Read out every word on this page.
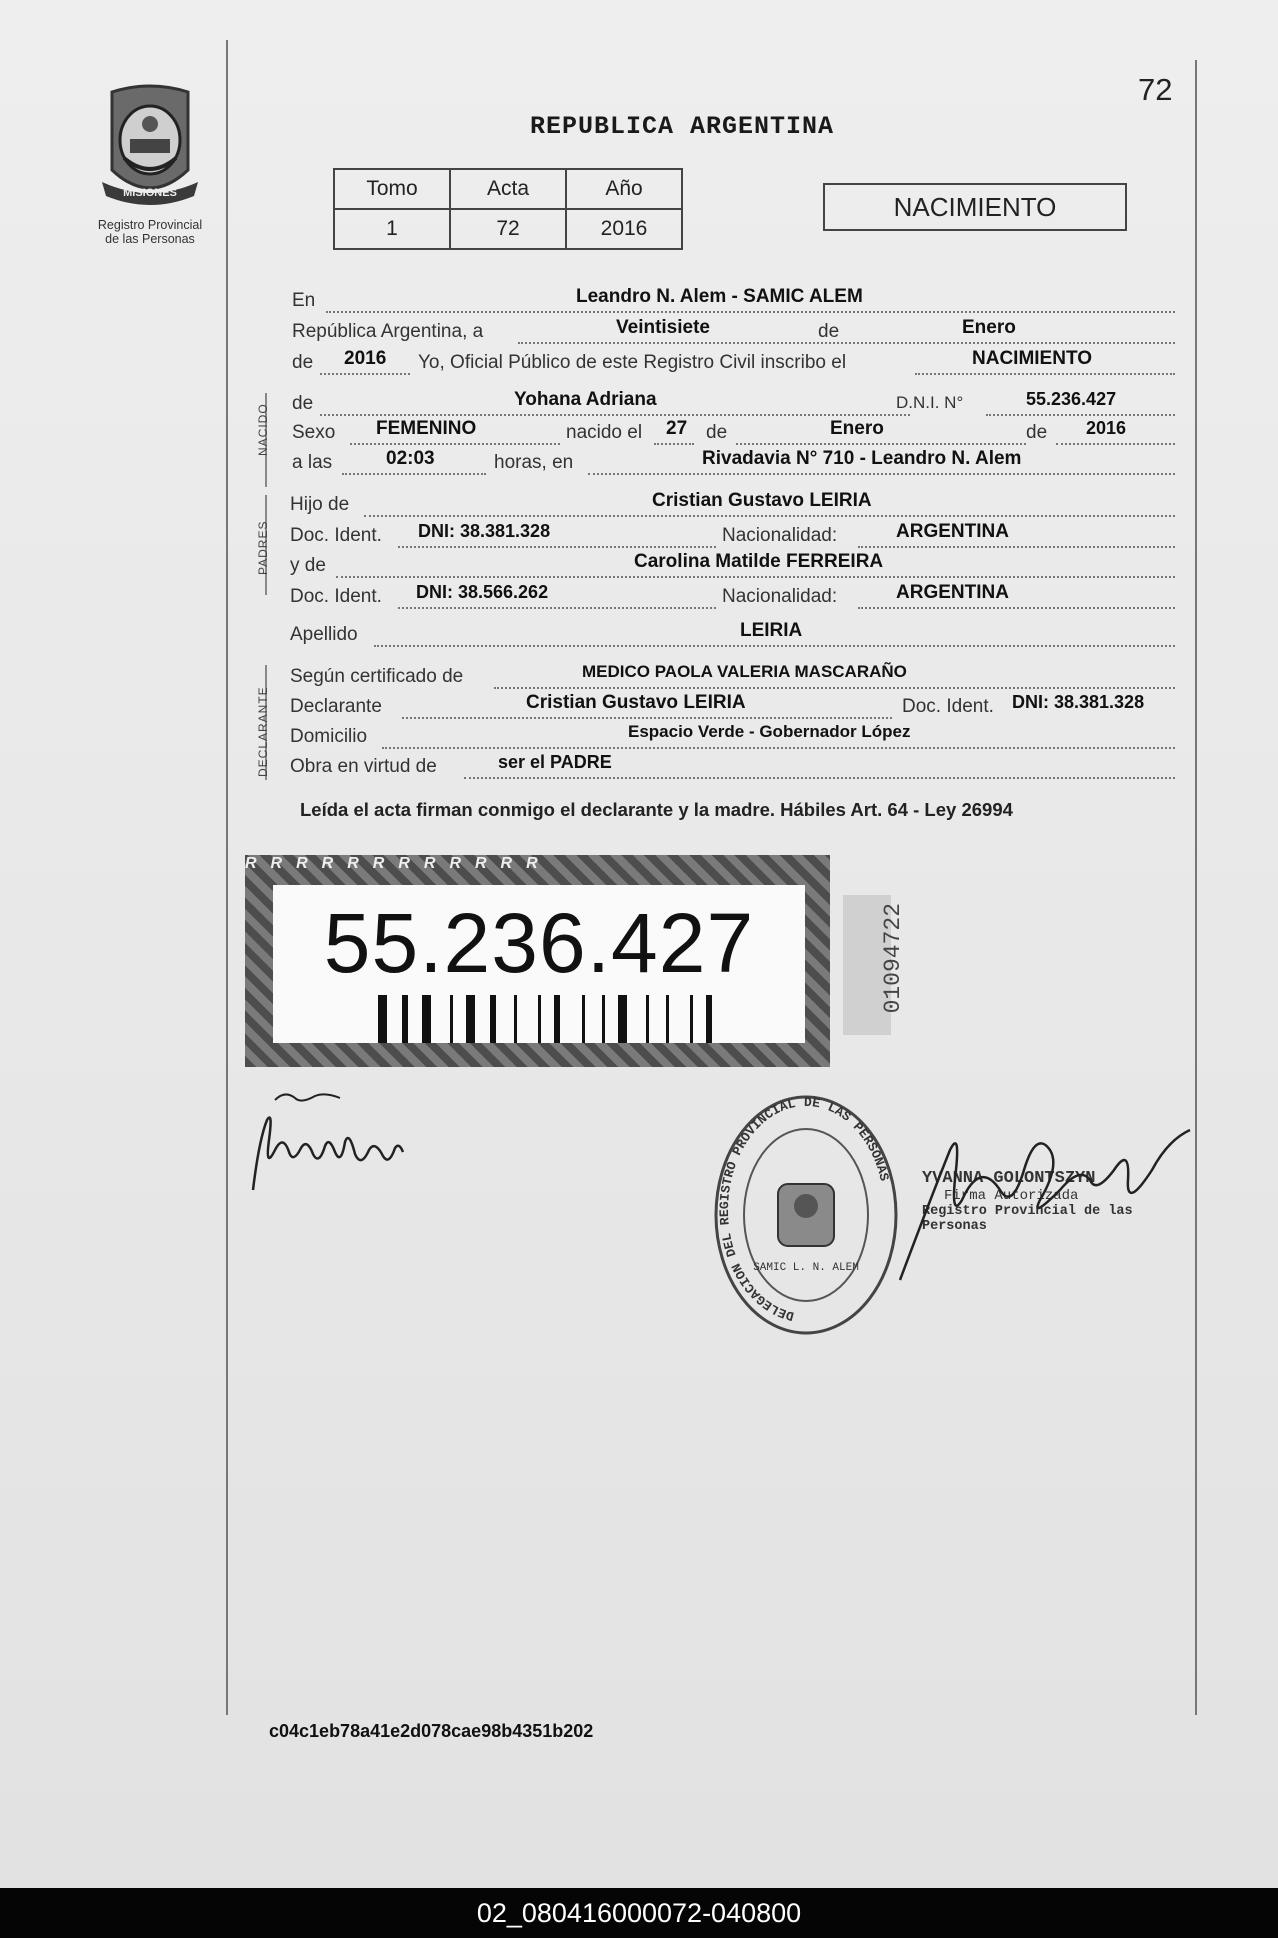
MISIONES
Registro Provincial
de las Personas
72
REPUBLICA ARGENTINA
Tomo	Acta	Año
1	72	2016
NACIMIENTO
NACIDO
PADRES
DECLARANTE
En	Leandro N. Alem - SAMIC ALEM
República Argentina, a	Veintisiete	de	Enero
de 2016 Yo, Oficial Público de este Registro Civil inscribo el	NACIMIENTO
de	Yohana Adriana	D.N.I. N°	55.236.427
Sexo FEMENINO	nacido el 27 de	Enero	de 2016
a las	02:03	horas, en	Rivadavia N° 710 - Leandro N. Alem
Hijo de	Cristian Gustavo LEIRIA
Doc. Ident. DNI: 38.381.328	Nacionalidad:	ARGENTINA
y de	Carolina Matilde FERREIRA
Doc. Ident. DNI: 38.566.262	Nacionalidad:	ARGENTINA
Apellido	LEIRIA
Según certificado de	MEDICO PAOLA VALERIA MASCARAÑO
Declarante	Cristian Gustavo LEIRIA	Doc. Ident. DNI: 38.381.328
Domicilio	Espacio Verde - Gobernador López
Obra en virtud de	ser el PADRE
Leída el acta firman conmigo el declarante y la madre. Hábiles Art. 64 - Ley 26994
RRRRRRRRRRRR
55.236.427	01094722
DELEGACION DEL REGISTRO PROVINCIAL DE LAS PERSONAS
SAMIC L. N. ALEM
YVANNA GOLONTSZYN
Firma Autorizada
Registro Provincial de las Personas
c04c1eb78a41e2d078cae98b4351b202
02_080416000072-040800
